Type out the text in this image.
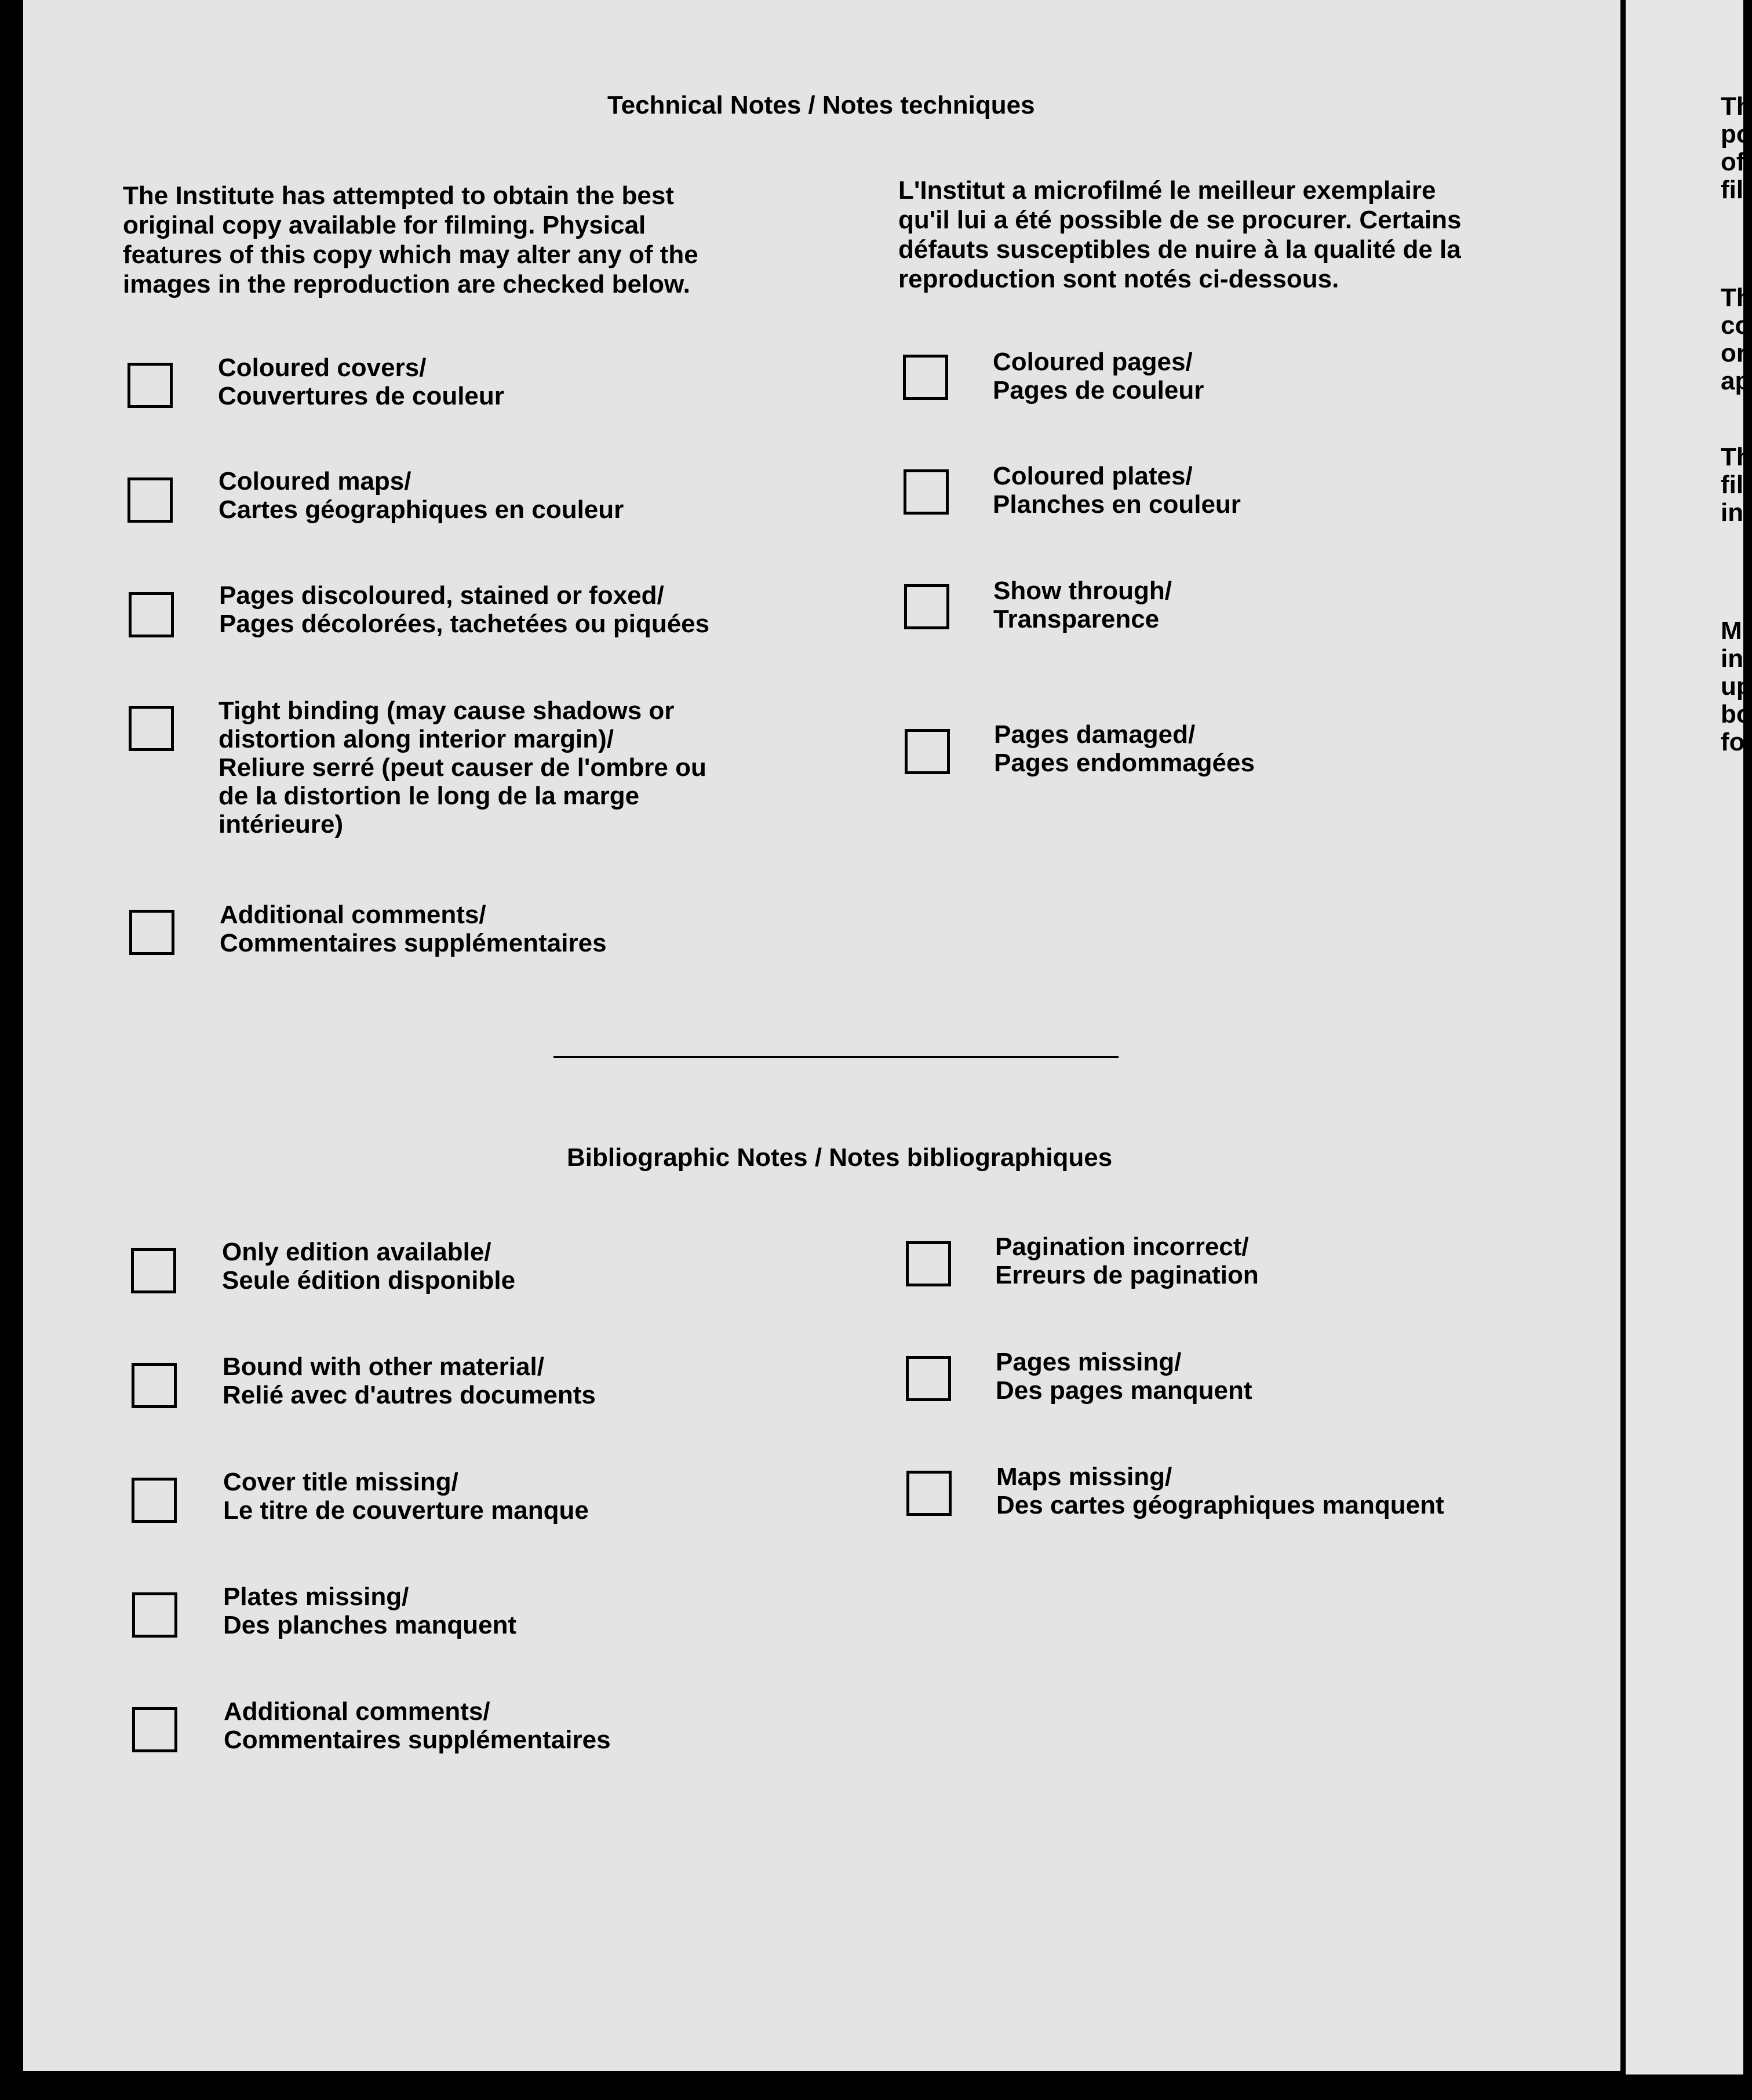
Technical Notes / Notes techniques
The Institute has attempted to obtain the best
original copy available for filming. Physical
features of this copy which may alter any of the
images in the reproduction are checked below.
L'Institut a microfilmé le meilleur exemplaire
qu'il lui a été possible de se procurer. Certains
défauts susceptibles de nuire à la qualité de la
reproduction sont notés ci-dessous.
Coloured covers/
Couvertures de couleur
Coloured maps/
Cartes géographiques en couleur
Pages discoloured, stained or foxed/
Pages décolorées, tachetées ou piquées
Tight binding (may cause shadows or
distortion along interior margin)/
Reliure serré (peut causer de l'ombre ou
de la distortion le long de la marge
intérieure)
Additional comments/
Commentaires supplémentaires
Coloured pages/
Pages de couleur
Coloured plates/
Planches en couleur
Show through/
Transparence
Pages damaged/
Pages endommagées
Bibliographic Notes / Notes bibliographiques
Only edition available/
Seule édition disponible
Bound with other material/
Relié avec d'autres documents
Cover title missing/
Le titre de couverture manque
Plates missing/
Des planches manquent
Additional comments/
Commentaires supplémentaires
Pagination incorrect/
Erreurs de pagination
Pages missing/
Des pages manquent
Maps missing/
Des cartes géographiques manquent
Th
po
of
fil
Th
co
or
ap
Th
fil
in
M
in
up
bo
fo
